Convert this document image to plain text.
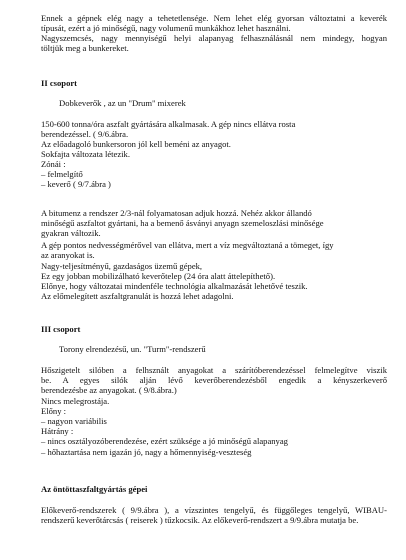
Ennek a gépnek elég nagy a tehetetlensége. Nem lehet elég gyorsan változtatni a keverék
típusát, ezért a jó minőségű, nagy volumenű munkákhoz lehet használni.
Nagyszemcsés, nagy mennyiségű helyi alapanyag felhasználásnál nem mindegy, hogyan
töltjük meg a bunkereket.
II csoport
Dobkeverők , az un "Drum" mixerek
150-600 tonna/óra aszfalt gyártására alkalmasak. A gép nincs ellátva rosta
berendezéssel. ( 9/6.ábra.
Az előadagoló bunkersoron jól kell beméni az anyagot.
Sokfajta változata létezik.
Zónái :
– felmelgítő
– keverő ( 9/7.ábra )
A bitumenz a rendszer 2/3-nál folyamatosan adjuk hozzá. Nehéz akkor állandó
minőségű aszfaltot gyártani, ha a bemenő ásványi anyagn szemeloszlási minősége
gyakran változik.
A gép pontos nedvességmérővel van ellátva, mert a víz megváltoztaná a tömeget, így
az aranyokat is.
Nagy-teljesítményű, gazdaságos üzemű gépek,
Ez egy jobban mobilizálható keverőtelep (24 óra alatt áttelepíthető).
Előnye, hogy változatai mindenféle technológia alkalmazását lehetővé teszik.
Az előmelegített aszfaltgranulát is hozzá lehet adagolni.
III csoport
Torony elrendezésű, un. "Turm"-rendszerű
Hőszigetelt silóben a felhsznált anyagokat a szárítóberendezéssel felmelegítve viszik
be. A egyes silók alján lévő keverőberendezésből engedik a kényszerkeverő
berendezésbe az anyagokat. ( 9/8.ábra.)
Nincs melegrostája.
Előny :
– nagyon variábilis
Hátrány :
– nincs osztályozóberendezése, ezért szüksége a jó minőségű alapanyag
– hőhaztartása nem igazán jó, nagy a hőmennyiség-veszteség
Az öntöttaszfaltgyártás gépei
Előkeverő-rendszerek ( 9/9.ábra ), a vízszintes tengelyű, és függőleges tengelyű, WIBAU-
rendszerű keverőtárcsás ( reiserek ) tűzkocsik. Az előkeverő-rendszert a 9/9.ábra mutatja be.
